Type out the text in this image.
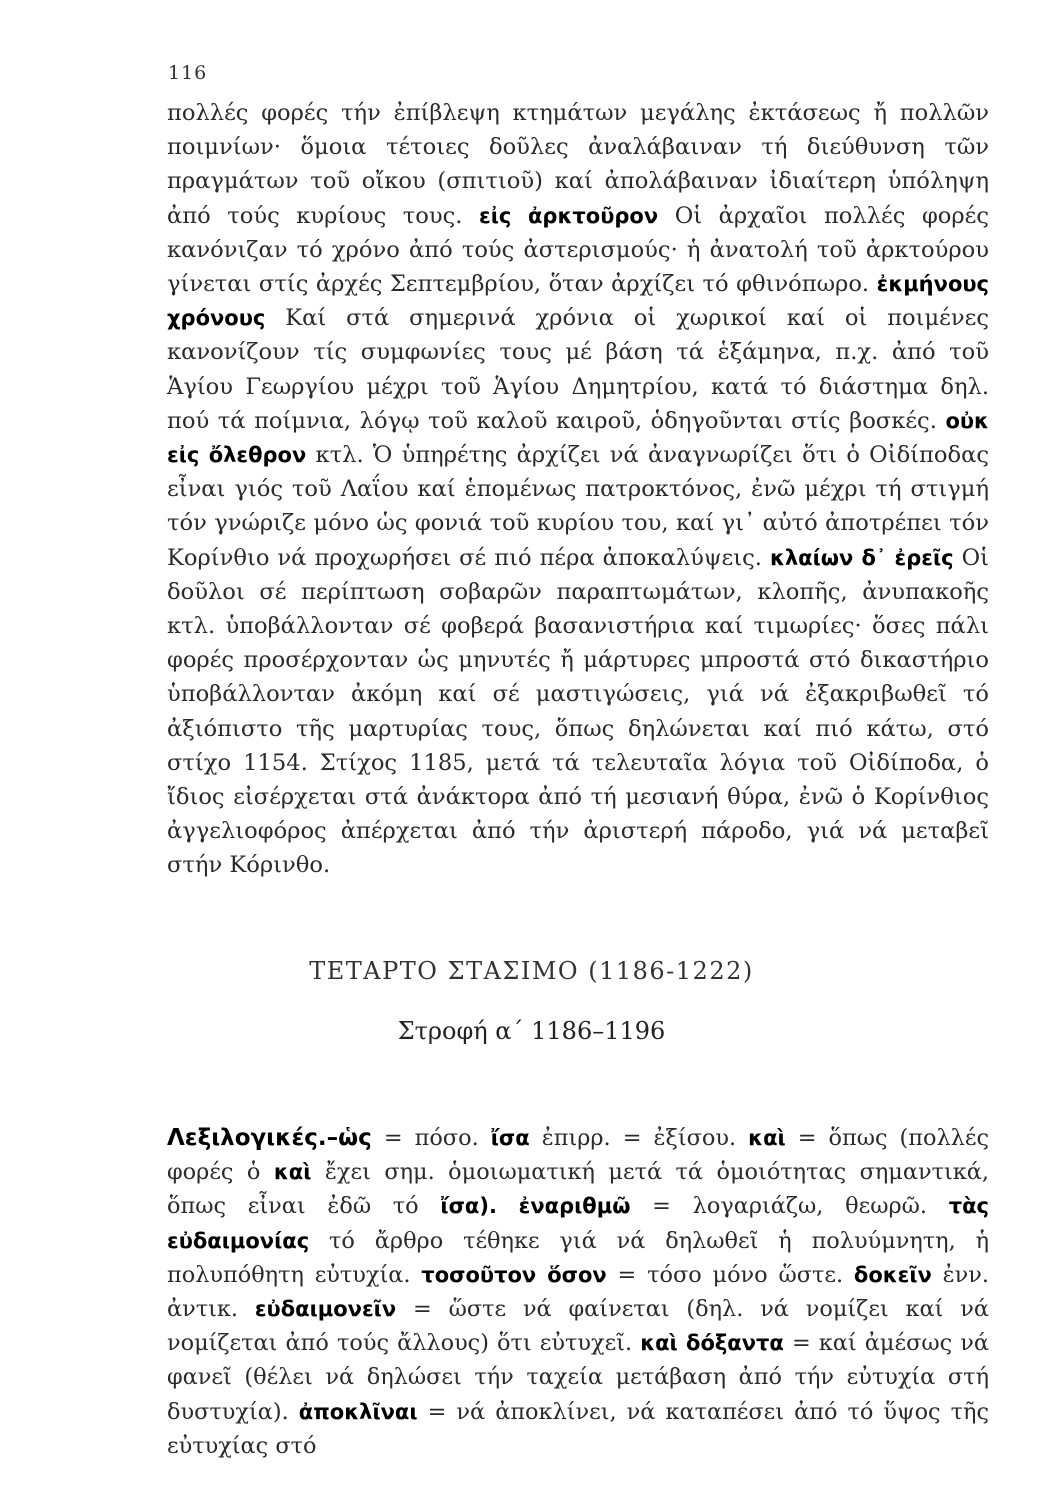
116

πολλές φορές τήν ἐπίβλεψη κτημάτων μεγάλης ἐκτάσεως ἤ πολλῶν ποιμνίων· ὅμοια τέτοιες δοῦλες ἀναλάβαιναν τή διεύθυνση τῶν πραγμάτων τοῦ οἴκου (σπιτιοῦ) καί ἀπολάβαιναν ἰδιαίτερη ὑπόληψη ἀπό τούς κυρίους τους. εἰς ἀρκτοῦρον Οἱ ἀρχαῖοι πολλές φορές κανόνιζαν τό χρόνο ἀπό τούς ἀστερισμούς· ἡ ἀνατολή τοῦ ἀρκτούρου γίνεται στίς ἀρχές Σεπτεμβρίου, ὅταν ἀρχίζει τό φθινόπωρο. ἐκμήνους χρόνους Καί στά σημερινά χρόνια οἱ χωρικοί καί οἱ ποιμένες κανονίζουν τίς συμφωνίες τους μέ βάση τά ἑξάμηνα, π.χ. ἀπό τοῦ Ἁγίου Γεωργίου μέχρι τοῦ Ἁγίου Δημητρίου, κατά τό διάστημα δηλ. πού τά ποίμνια, λόγῳ τοῦ καλοῦ καιροῦ, ὁδηγοῦνται στίς βοσκές. οὐκ εἰς ὄλεθρον κτλ. Ὁ ὑπηρέτης ἀρχίζει νά ἀναγνωρίζει ὅτι ὁ Οἰδίποδας εἶναι γιός τοῦ Λαΐου καί ἑπομένως πατροκτόνος, ἐνῶ μέχρι τή στιγμή τόν γνώριζε μόνο ὡς φονιά τοῦ κυρίου του, καί γι᾽ αὐτό ἀποτρέπει τόν Κορίνθιο νά προχωρήσει σέ πιό πέρα ἀποκαλύψεις. κλαίων δ᾽ ἐρεῖς Οἱ δοῦλοι σέ περίπτωση σοβαρῶν παραπτωμάτων, κλοπῆς, ἀνυπακοῆς κτλ. ὑποβάλλονταν σέ φοβερά βασανιστήρια καί τιμωρίες· ὅσες πάλι φορές προσέρχονταν ὡς μηνυτές ἤ μάρτυρες μπροστά στό δικαστήριο ὑποβάλλονταν ἀκόμη καί σέ μαστιγώσεις, γιά νά ἐξακριβωθεῖ τό ἀξιόπιστο τῆς μαρτυρίας τους, ὅπως δηλώνεται καί πιό κάτω, στό στίχο 1154. Στίχος 1185, μετά τά τελευταῖα λόγια τοῦ Οἰδίποδα, ὁ ἴδιος εἰσέρχεται στά ἀνάκτορα ἀπό τή μεσιανή θύρα, ἐνῶ ὁ Κορίνθιος ἀγγελιοφόρος ἀπέρχεται ἀπό τήν ἀριστερή πάροδο, γιά νά μεταβεῖ στήν Κόρινθο.

ΤΕΤΑΡΤΟ ΣΤΑΣΙΜΟ (1186-1222)
Στροφή α΄ 1186–1196

Λεξιλογικές.–ὡς = πόσο. ἴσα ἐπιρρ. = ἐξίσου. καὶ = ὅπως (πολλές φορές ὁ καὶ ἔχει σημ. ὁμοιωματική μετά τά ὁμοιότητας σημαντικά, ὅπως εἶναι ἐδῶ τό ἴσα). ἐναριθμῶ = λογαριάζω, θεωρῶ. τὰς εὐδαιμονίας τό ἄρθρο τέθηκε γιά νά δηλωθεῖ ἡ πολυύμνητη, ἡ πολυπόθητη εὐτυχία. τοσοῦτον ὅσον = τόσο μόνο ὥστε. δοκεῖν ἐνν. ἀντικ. εὐδαιμονεῖν = ὥστε νά φαίνεται (δηλ. νά νομίζει καί νά νομίζεται ἀπό τούς ἄλλους) ὅτι εὐτυχεῖ. καὶ δόξαντα = καί ἀμέσως νά φανεῖ (θέλει νά δηλώσει τήν ταχεία μετάβαση ἀπό τήν εὐτυχία στή δυστυχία). ἀποκλῖναι = νά ἀποκλίνει, νά καταπέσει ἀπό τό ὕψος τῆς εὐτυχίας στό
